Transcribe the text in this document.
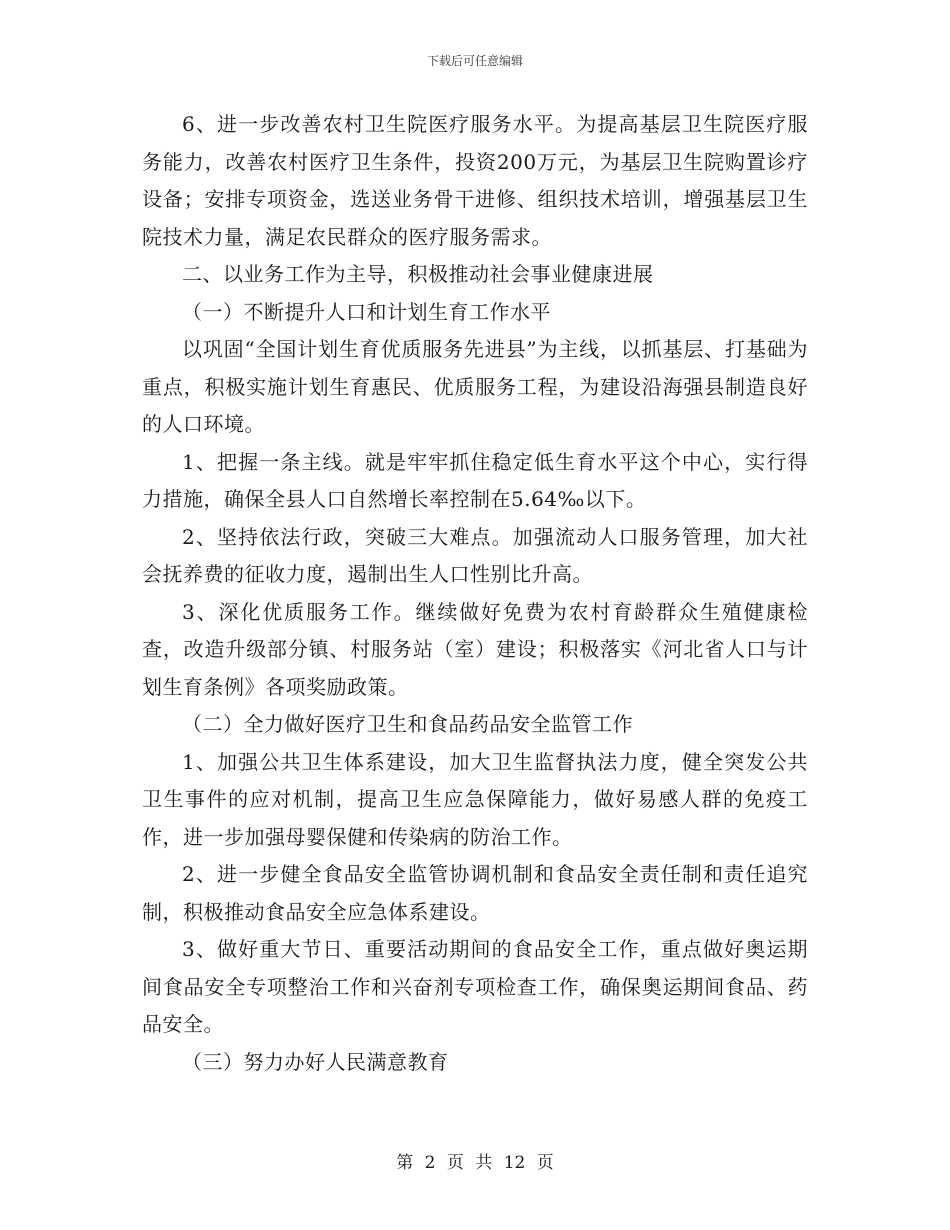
下载后可任意编辑

6、进一步改善农村卫生院医疗服务水平。为提高基层卫生院医疗服务能力，改善农村医疗卫生条件，投资200万元，为基层卫生院购置诊疗设备；安排专项资金，选送业务骨干进修、组织技术培训，增强基层卫生院技术力量，满足农民群众的医疗服务需求。

二、以业务工作为主导，积极推动社会事业健康进展

（一）不断提升人口和计划生育工作水平

以巩固“全国计划生育优质服务先进县”为主线，以抓基层、打基础为重点，积极实施计划生育惠民、优质服务工程，为建设沿海强县制造良好的人口环境。

1、把握一条主线。就是牢牢抓住稳定低生育水平这个中心，实行得力措施，确保全县人口自然增长率控制在5.64‰以下。

2、坚持依法行政，突破三大难点。加强流动人口服务管理，加大社会抚养费的征收力度，遏制出生人口性别比升高。

3、深化优质服务工作。继续做好免费为农村育龄群众生殖健康检查，改造升级部分镇、村服务站（室）建设；积极落实《河北省人口与计划生育条例》各项奖励政策。

（二）全力做好医疗卫生和食品药品安全监管工作

1、加强公共卫生体系建设，加大卫生监督执法力度，健全突发公共卫生事件的应对机制，提高卫生应急保障能力，做好易感人群的免疫工作，进一步加强母婴保健和传染病的防治工作。

2、进一步健全食品安全监管协调机制和食品安全责任制和责任追究制，积极推动食品安全应急体系建设。

3、做好重大节日、重要活动期间的食品安全工作，重点做好奥运期间食品安全专项整治工作和兴奋剂专项检查工作，确保奥运期间食品、药品安全。

（三）努力办好人民满意教育

第 2 页 共 12 页
